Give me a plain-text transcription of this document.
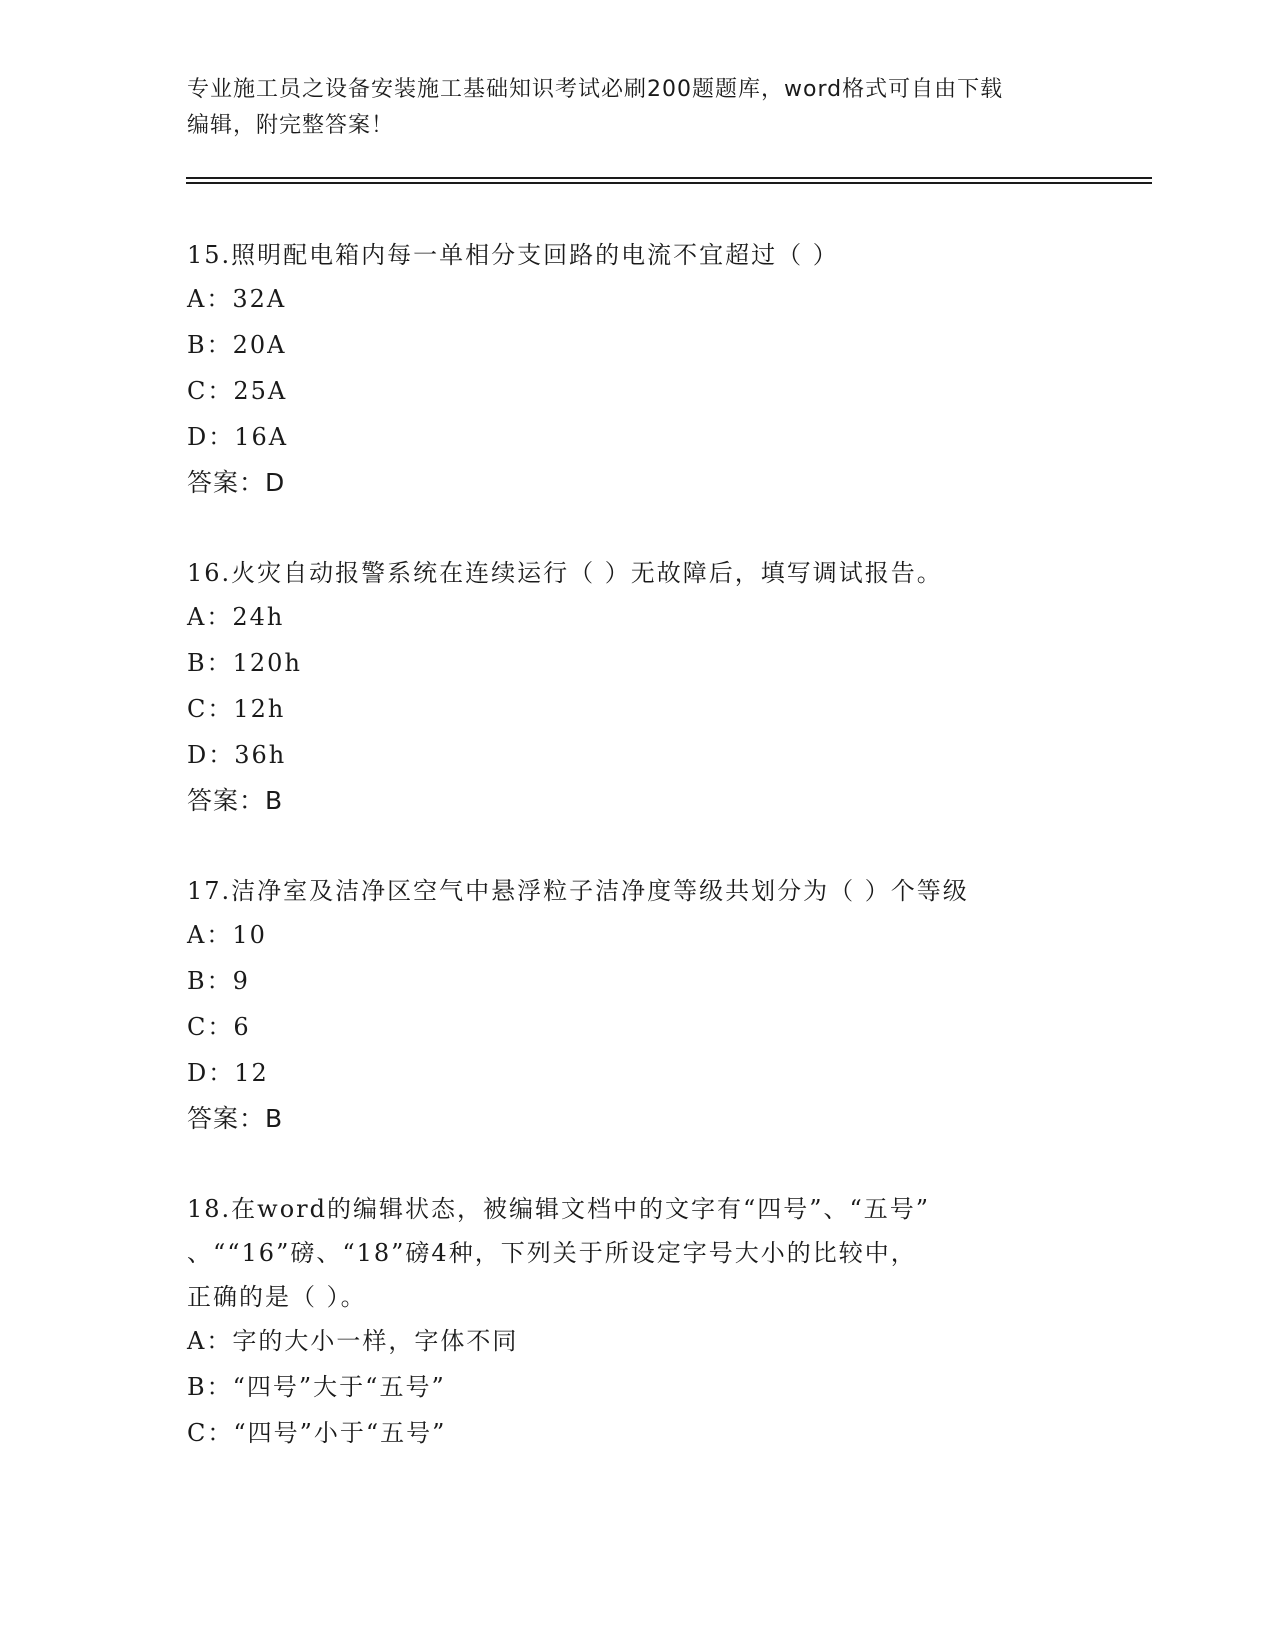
专业施工员之设备安装施工基础知识考试必刷200题题库，word格式可自由下载
编辑，附完整答案！

15.照明配电箱内每一单相分支回路的电流不宜超过（ ）

A：32A

B：20A

C：25A

D：16A

答案：D

16.火灾自动报警系统在连续运行（ ）无故障后，填写调试报告。

A：24h

B：120h

C：12h

D：36h

答案：B

17.洁净室及洁净区空气中悬浮粒子洁净度等级共划分为（ ）个等级

A：10

B：9

C：6

D：12

答案：B

18.在word的编辑状态，被编辑文档中的文字有“四号”、“五号”

、““16”磅、“18”磅4种，下列关于所设定字号大小的比较中，

正确的是（ ）。

A：字的大小一样，字体不同

B：“四号”大于“五号”

C：“四号”小于“五号”
